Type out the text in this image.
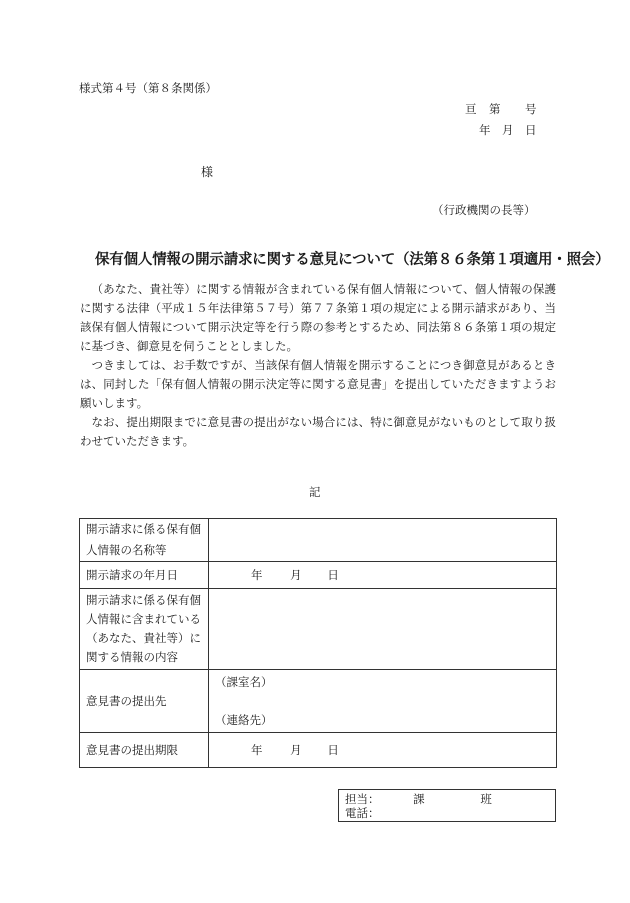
様式第４号（第８条関係）
亘　第　　号
年　月　日
様
（行政機関の長等）
保有個人情報の開示請求に関する意見について（法第８６条第１項適用・照会）

（あなた、貴社等）に関する情報が含まれている保有個人情報について、個人情報の保護に関する法律（平成１５年法律第５７号）第７７条第１項の規定による開示請求があり、当該保有個人情報について開示決定等を行う際の参考とするため、同法第８６条第１項の規定に基づき、御意見を伺うこととしました。

つきましては、お手数ですが、当該保有個人情報を開示することにつき御意見があるときは、同封した「保有個人情報の開示決定等に関する意見書」を提出していただきますようお願いします。

なお、提出期限までに意見書の提出がない場合には、特に御意見がないものとして取り扱わせていただきます。

記
開示請求に係る保有個人情報の名称等	
開示請求の年月日	年 月 日
開示請求に係る保有個人情報に含まれている（あなた、貴社等）に関する情報の内容	
意見書の提出先	（課室名）
（連絡先）

意見書の提出期限	年 月 日
担当：	課	班
電話：
